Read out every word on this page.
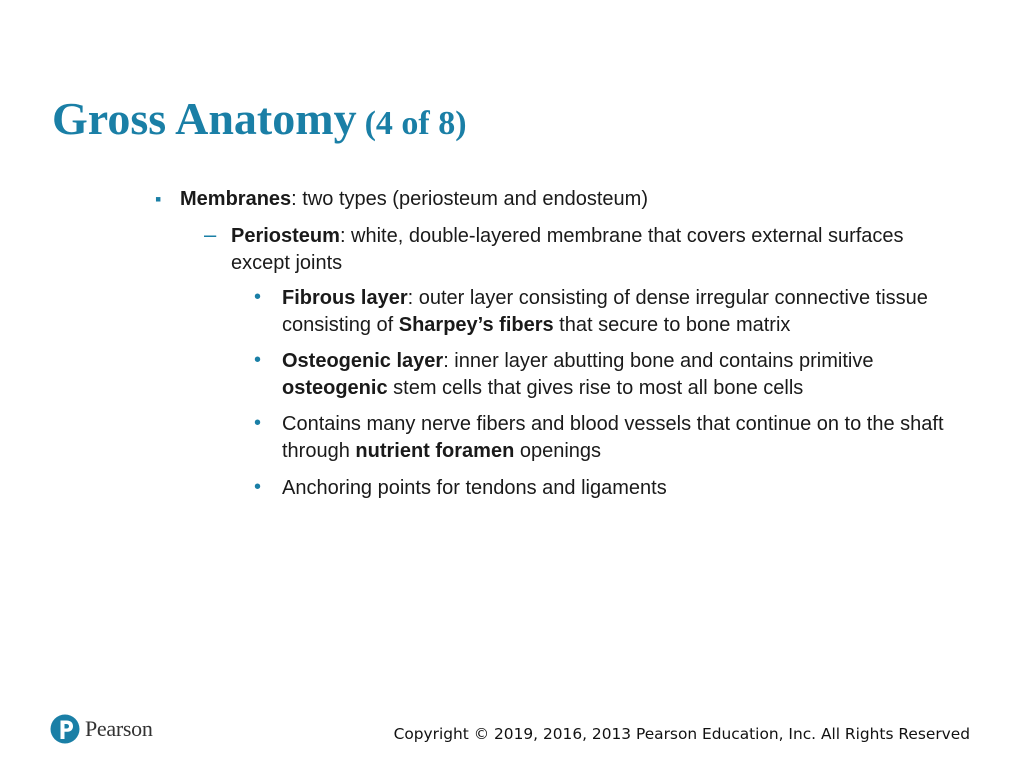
Gross Anatomy (4 of 8)
▪ Membranes: two types (periosteum and endosteum)
– Periosteum: white, double-layered membrane that covers external surfaces except joints
• Fibrous layer: outer layer consisting of dense irregular connective tissue consisting of Sharpey’s fibers that secure to bone matrix
• Osteogenic layer: inner layer abutting bone and contains primitive osteogenic stem cells that gives rise to most all bone cells
• Contains many nerve fibers and blood vessels that continue on to the shaft through nutrient foramen openings
• Anchoring points for tendons and ligaments
Pearson	Copyright © 2019, 2016, 2013 Pearson Education, Inc. All Rights Reserved
